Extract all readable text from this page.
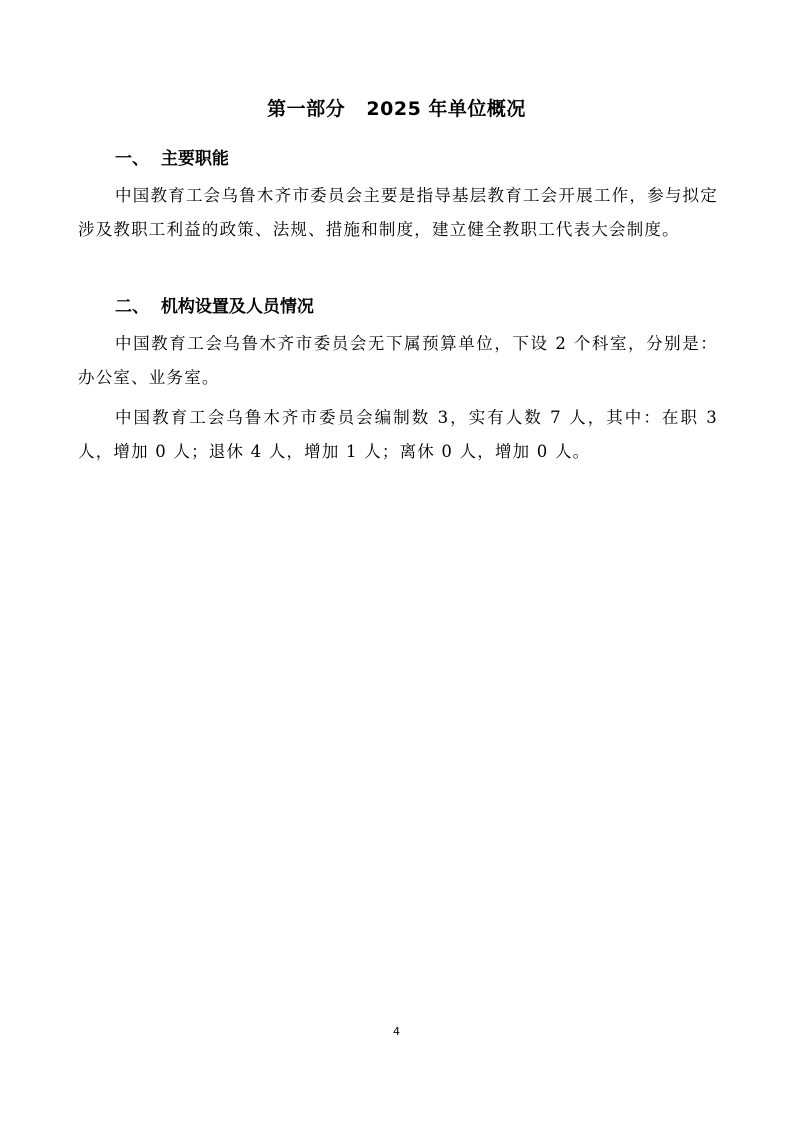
第一部分   2025 年单位概况
一、  主要职能

中国教育工会乌鲁木齐市委员会主要是指导基层教育工会开展工作，参与拟定涉及教职工利益的政策、法规、措施和制度，建立健全教职工代表大会制度。

二、  机构设置及人员情况

中国教育工会乌鲁木齐市委员会无下属预算单位，下设 2 个科室，分别是：办公室、业务室。

中国教育工会乌鲁木齐市委员会编制数 3，实有人数 7 人，其中：在职 3 人，增加 0 人；退休 4 人，增加 1 人；离休 0 人，增加 0 人。

4
